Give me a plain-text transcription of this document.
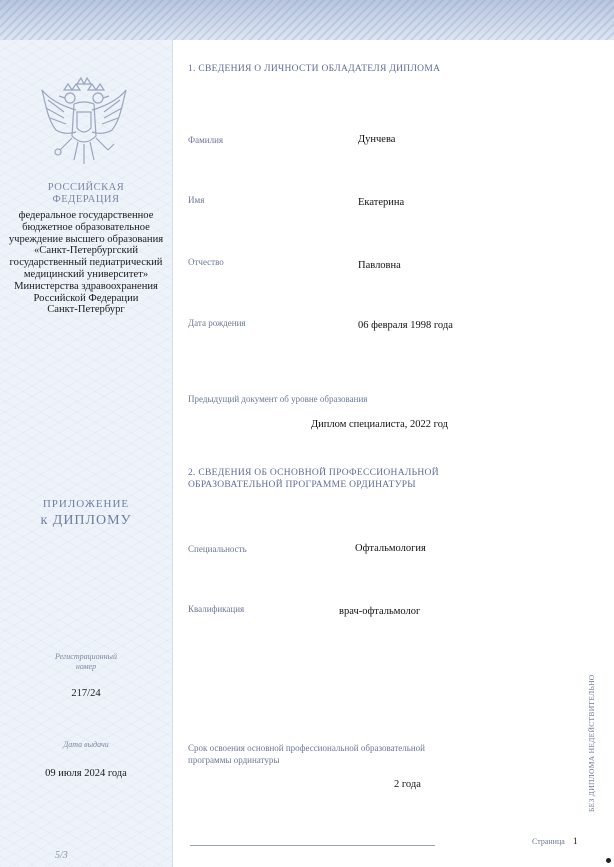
РОССИЙСКАЯ
ФЕДЕРАЦИЯ
федеральное государственное
бюджетное образовательное
учреждение высшего образования
«Санкт-Петербургский
государственный педиатрический
медицинский университет»
Министерства здравоохранения
Российской Федерации
Санкт-Петербург
ПРИЛОЖЕНИЕ
к ДИПЛОМУ
Регистрационный
номер
217/24
Дата выдачи
09 июля 2024 года
5/3
1. СВЕДЕНИЯ О ЛИЧНОСТИ ОБЛАДАТЕЛЯ ДИПЛОМА
Фамилия	Дунчева
Имя	Екатерина
Отчество	Павловна
Дата рождения	06 февраля 1998 года
Предыдущий документ об уровне образования
Диплом специалиста, 2022 год
2. СВЕДЕНИЯ ОБ ОСНОВНОЙ ПРОФЕССИОНАЛЬНОЙ
ОБРАЗОВАТЕЛЬНОЙ ПРОГРАММЕ ОРДИНАТУРЫ
Специальность	Офтальмология
Квалификация	врач-офтальмолог
Срок освоения основной профессиональной образовательной
программы ординатуры
2 года
Страница 1
БЕЗ ДИПЛОМА НЕДЕЙСТВИТЕЛЬНО
